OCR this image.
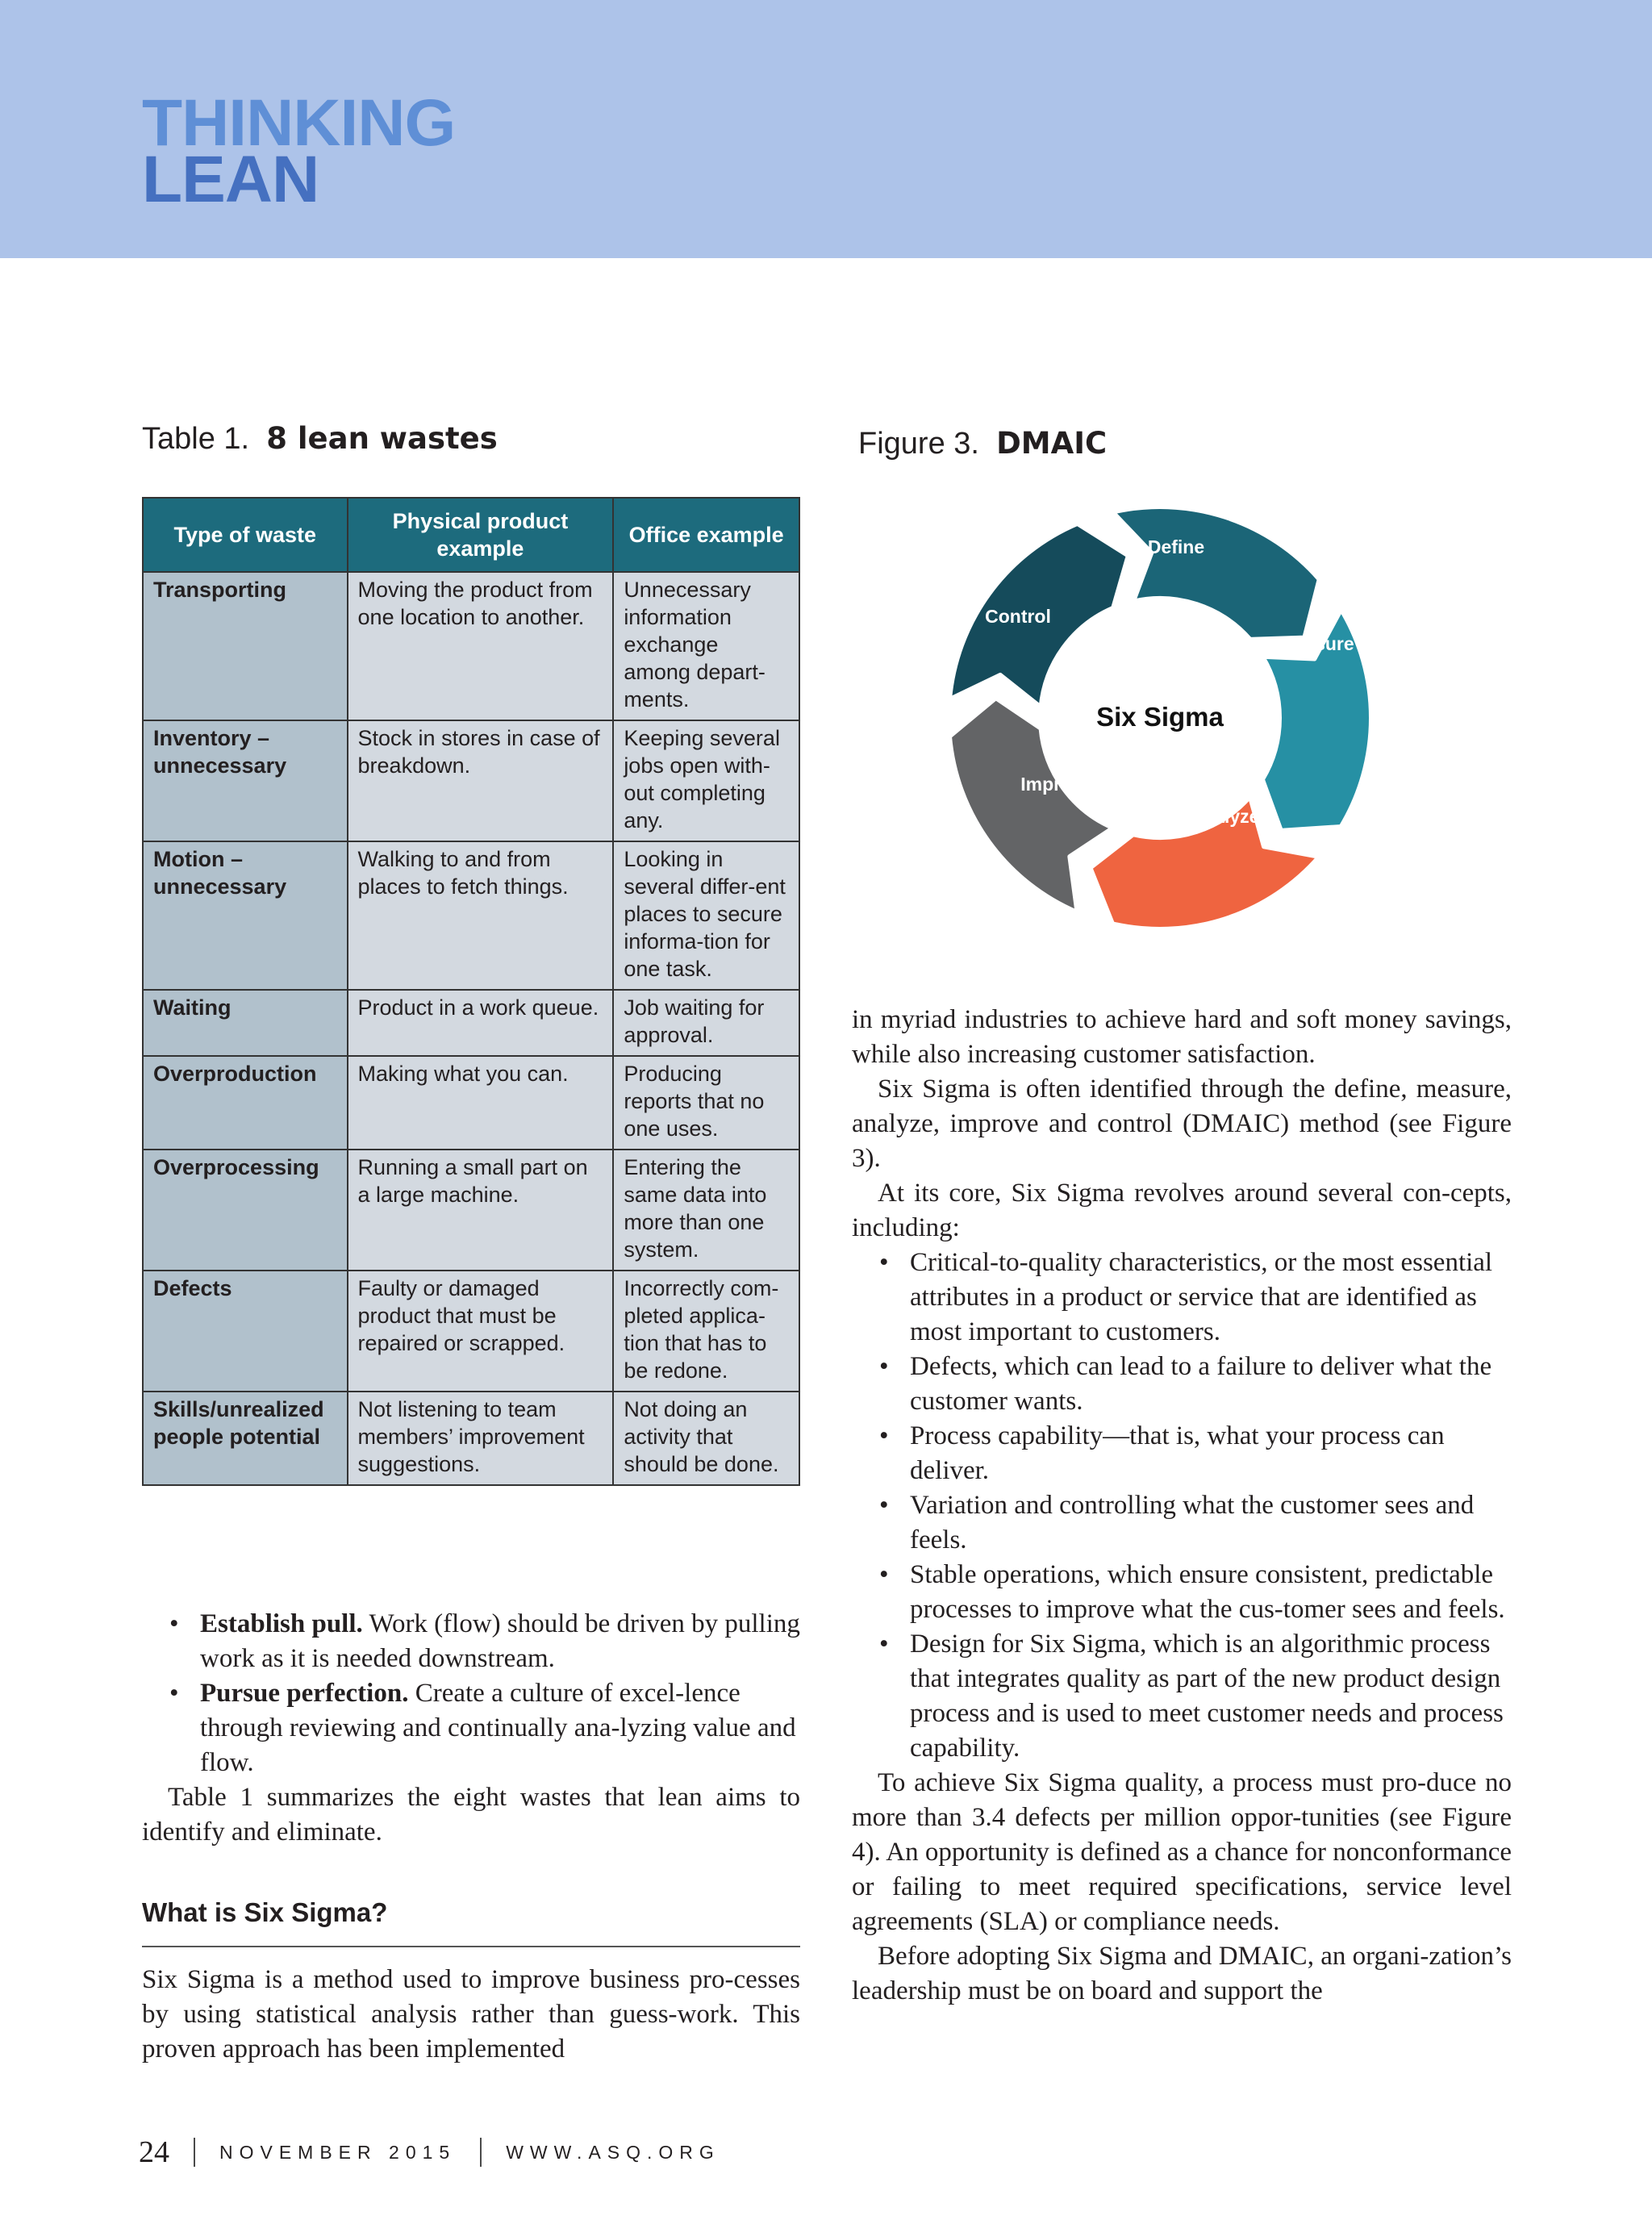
THINKING
LEAN
Table 1. 8 lean wastes
Type of waste	Physical product example	Office example
Transporting	Moving the product from one location to another.	Unnecessary information exchange among depart-ments.
Inventory – unnecessary	Stock in stores in case of breakdown.	Keeping several jobs open with-out completing any.
Motion – unnecessary	Walking to and from places to fetch things.	Looking in several differ-ent places to secure informa-tion for one task.
Waiting	Product in a work queue.	Job waiting for approval.
Overproduction	Making what you can.	Producing reports that no one uses.
Overprocessing	Running a small part on a large machine.	Entering the same data into more than one system.
Defects	Faulty or damaged product that must be repaired or scrapped.	Incorrectly com-pleted applica-tion that has to be redone.
Skills/unrealized people potential	Not listening to team members’ improvement suggestions.	Not doing an activity that should be done.
Figure 3. DMAIC
Define
Measure
Analyze
Improve
Control
Six Sigma
• Establish pull. Work (flow) should be driven by pulling work as it is needed downstream.
• Pursue perfection. Create a culture of excel-lence through reviewing and continually ana-lyzing value and flow.

Table 1 summarizes the eight wastes that lean aims to identify and eliminate.

What is Six Sigma?

Six Sigma is a method used to improve business pro-cesses by using statistical analysis rather than guess-work. This proven approach has been implemented

in myriad industries to achieve hard and soft money savings, while also increasing customer satisfaction.

Six Sigma is often identified through the define, measure, analyze, improve and control (DMAIC) method (see Figure 3).

At its core, Six Sigma revolves around several con-cepts, including:

• Critical-to-quality characteristics, or the most essential attributes in a product or service that are identified as most important to customers.
• Defects, which can lead to a failure to deliver what the customer wants.
• Process capability—that is, what your process can deliver.
• Variation and controlling what the customer sees and feels.
• Stable operations, which ensure consistent, predictable processes to improve what the cus-tomer sees and feels.
• Design for Six Sigma, which is an algorithmic process that integrates quality as part of the new product design process and is used to meet customer needs and process capability.

To achieve Six Sigma quality, a process must pro-duce no more than 3.4 defects per million oppor-tunities (see Figure 4). An opportunity is defined as a chance for nonconformance or failing to meet required specifications, service level agreements (SLA) or compliance needs.

Before adopting Six Sigma and DMAIC, an organi-zation’s leadership must be on board and support the

24	NOVEMBER 2015	WWW.ASQ.ORG
